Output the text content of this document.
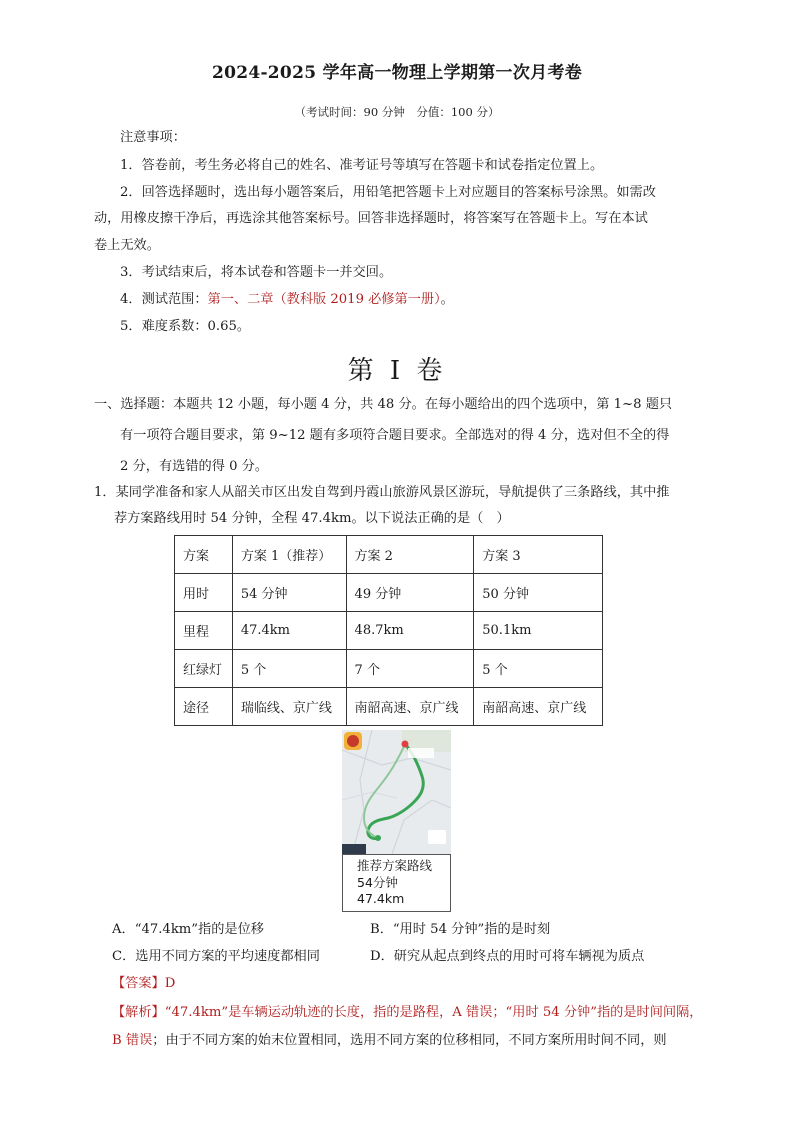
2024-2025 学年高一物理上学期第一次月考卷
（考试时间：90 分钟　分值：100 分）
注意事项：
1．答卷前，考生务必将自己的姓名、准考证号等填写在答题卡和试卷指定位置上。
2．回答选择题时，选出每小题答案后，用铅笔把答题卡上对应题目的答案标号涂黑。如需改
动，用橡皮擦干净后，再选涂其他答案标号。回答非选择题时，将答案写在答题卡上。写在本试
卷上无效。
3．考试结束后，将本试卷和答题卡一并交回。
4．测试范围：第一、二章（教科版 2019 必修第一册）。
5．难度系数：0.65。
第 I 卷
一、选择题：本题共 12 小题，每小题 4 分，共 48 分。在每小题给出的四个选项中，第 1~8 题只
有一项符合题目要求，第 9~12 题有多项符合题目要求。全部选对的得 4 分，选对但不全的得
2 分，有选错的得 0 分。
1．某同学准备和家人从韶关市区出发自驾到丹霞山旅游风景区游玩，导航提供了三条路线，其中推
荐方案路线用时 54 分钟，全程 47.4km。以下说法正确的是（　）
方案	方案 1（推荐）	方案 2	方案 3
用时	54 分钟	49 分钟	50 分钟
里程	47.4km	48.7km	50.1km
红绿灯	5 个	7 个	5 个
途径	瑞临线、京广线	南韶高速、京广线	南韶高速、京广线
推荐方案路线
54分钟
47.4km
A．“47.4km”指的是位移	B．“用时 54 分钟”指的是时刻
C．选用不同方案的平均速度都相同	D．研究从起点到终点的用时可将车辆视为质点
【答案】D
【解析】“47.4km”是车辆运动轨迹的长度，指的是路程，A 错误；“用时 54 分钟”指的是时间间隔，
B 错误；由于不同方案的始末位置相同，选用不同方案的位移相同，不同方案所用时间不同，则
